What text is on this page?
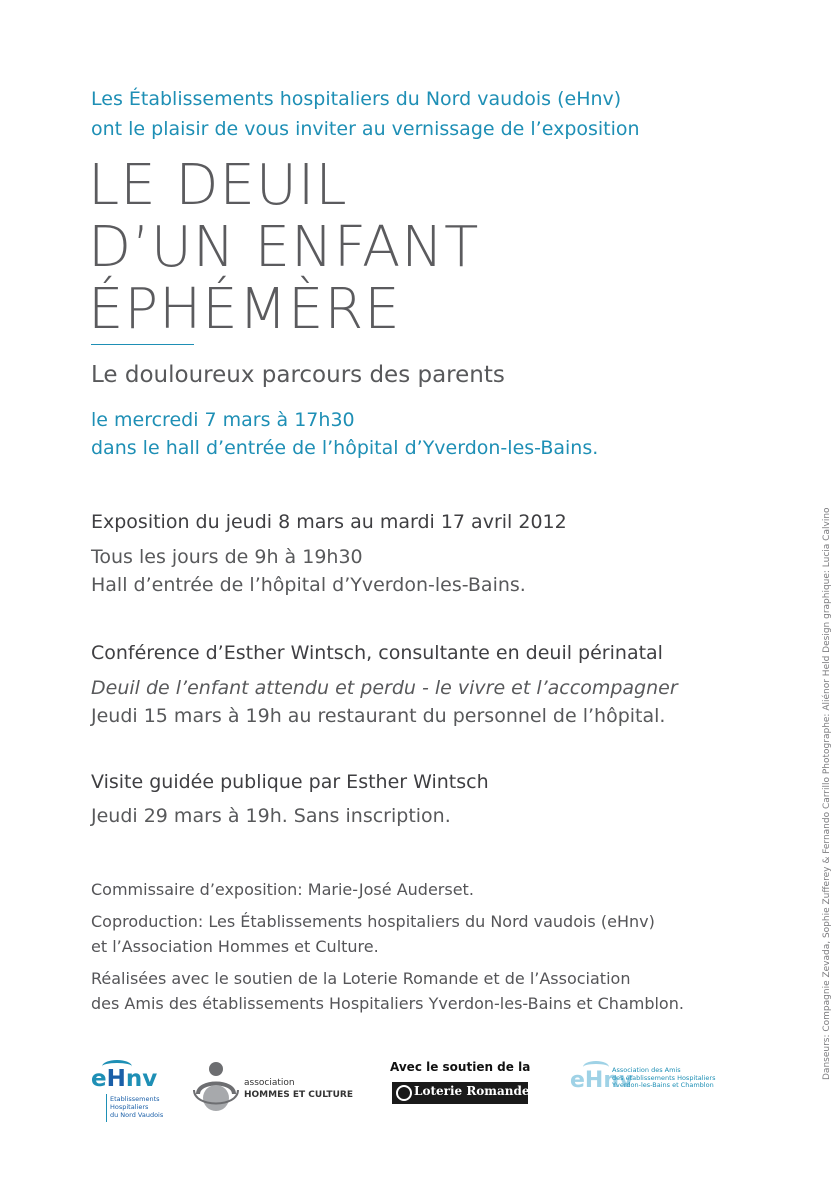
Les Établissements hospitaliers du Nord vaudois (eHnv)
ont le plaisir de vous inviter au vernissage de l’exposition
LE DEUIL
D’UN ENFANT
ÉPHÉMÈRE
Le douloureux parcours des parents
le mercredi 7 mars à 17h30
dans le hall d’entrée de l’hôpital d’Yverdon-les-Bains.
Exposition du jeudi 8 mars au mardi 17 avril 2012
Tous les jours de 9h à 19h30
Hall d’entrée de l’hôpital d’Yverdon-les-Bains.
Conférence d’Esther Wintsch, consultante en deuil périnatal
Deuil de l’enfant attendu et perdu - le vivre et l’accompagner
Jeudi 15 mars à 19h au restaurant du personnel de l’hôpital.
Visite guidée publique par Esther Wintsch
Jeudi 29 mars à 19h. Sans inscription.
Commissaire d’exposition: Marie-José Auderset.
Coproduction: Les Établissements hospitaliers du Nord vaudois (eHnv)
et l’Association Hommes et Culture.
Réalisées avec le soutien de la Loterie Romande et de l’Association
des Amis des établissements Hospitaliers Yverdon-les-Bains et Chamblon.	Danseurs: Compagnie Zevada, Sophie Zufferey & Fernando Carrillo Photographe: Aliénor Held Design graphique: Lucia Calvino
eHnv
Etablissements
Hospitaliers
du Nord Vaudois
association
HOMMES ET CULTURE
Avec le soutien de la
Loterie Romande eHnv
Association des Amis
des établissements Hospitaliers
Yverdon-les-Bains et Chamblon
